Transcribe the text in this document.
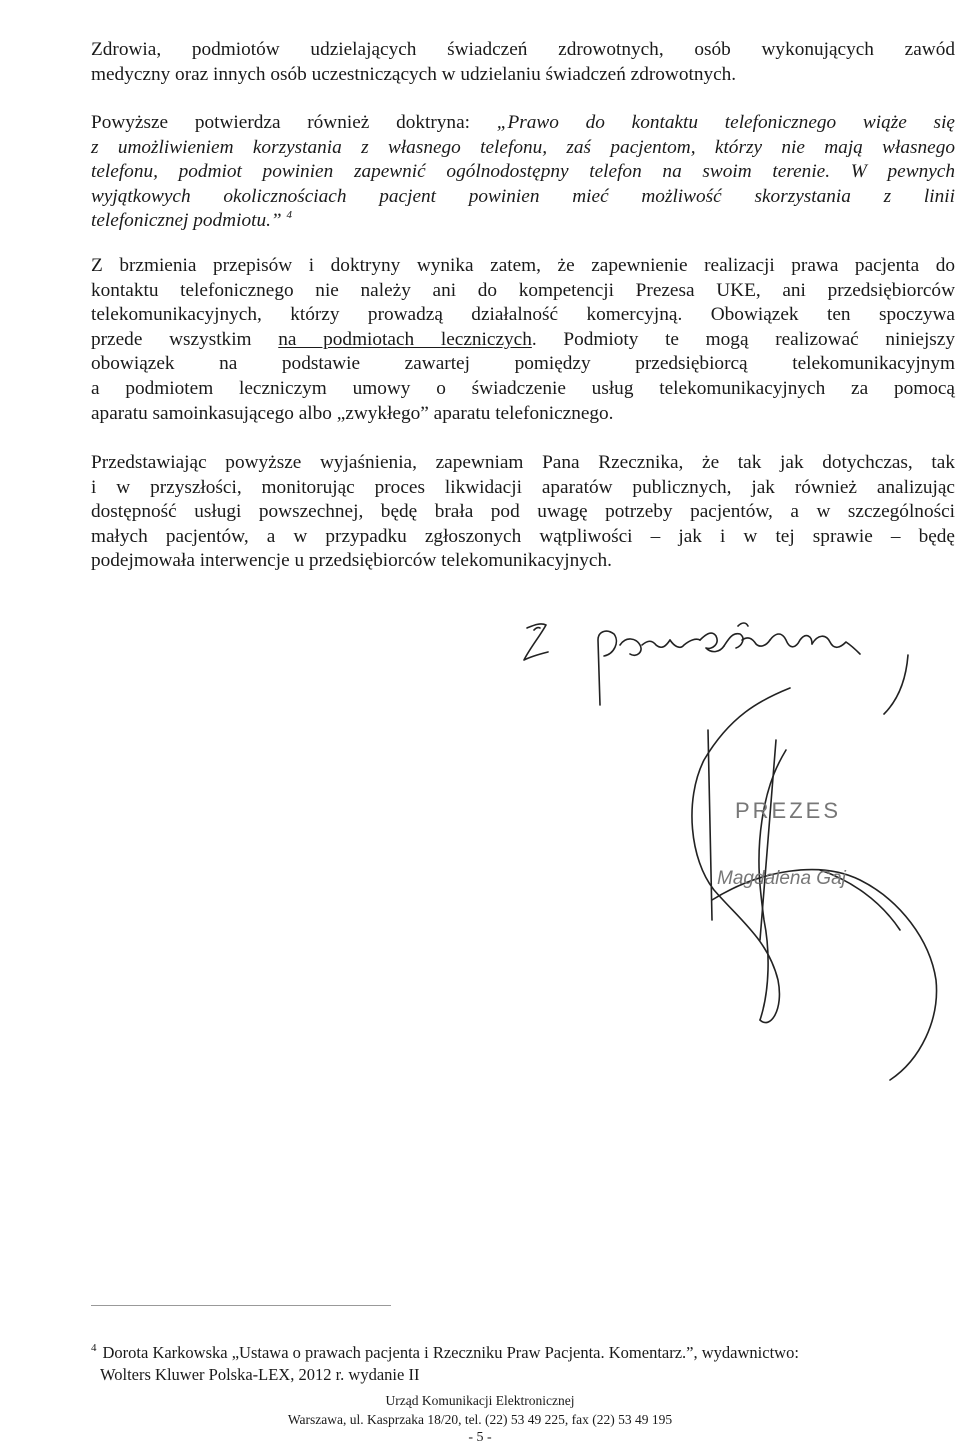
Zdrowia, podmiotów udzielających świadczeń zdrowotnych, osób wykonujących zawód
medyczny oraz innych osób uczestniczących w udzielaniu świadczeń zdrowotnych.
Powyższe potwierdza również doktryna: „Prawo do kontaktu telefonicznego wiąże się
z umożliwieniem korzystania z własnego telefonu, zaś pacjentom, którzy nie mają własnego
telefonu, podmiot powinien zapewnić ogólnodostępny telefon na swoim terenie. W pewnych
wyjątkowych okolicznościach pacjent powinien mieć możliwość skorzystania z linii
telefonicznej podmiotu.” $^4$
Z brzmienia przepisów i doktryny wynika zatem, że zapewnienie realizacji prawa pacjenta do
kontaktu telefonicznego nie należy ani do kompetencji Prezesa UKE, ani przedsiębiorców
telekomunikacyjnych, którzy prowadzą działalność komercyjną. Obowiązek ten spoczywa
przede wszystkim na podmiotach leczniczych. Podmioty te mogą realizować niniejszy
obowiązek na podstawie zawartej pomiędzy przedsiębiorcą telekomunikacyjnym
a podmiotem leczniczym umowy o świadczenie usług telekomunikacyjnych za pomocą
aparatu samoinkasującego albo „zwykłego” aparatu telefonicznego.
Przedstawiając powyższe wyjaśnienia, zapewniam Pana Rzecznika, że tak jak dotychczas, tak
i w przyszłości, monitorując proces likwidacji aparatów publicznych, jak również analizując
dostępność usługi powszechnej, będę brała pod uwagę potrzeby pacjentów, a w szczególności
małych pacjentów, a w przypadku zgłoszonych wątpliwości – jak i w tej sprawie – będę
podejmowała interwencje u przedsiębiorców telekomunikacyjnych.
PREZES
Magdalena Gaj
$^4$ Dorota Karkowska „Ustawa o prawach pacjenta i Rzeczniku Praw Pacjenta. Komentarz.”, wydawnictwo:
Wolters Kluwer Polska-LEX, 2012 r. wydanie II
Urząd Komunikacji Elektronicznej
Warszawa, ul. Kasprzaka 18/20, tel. (22) 53 49 225, fax (22) 53 49 195
- 5 -
